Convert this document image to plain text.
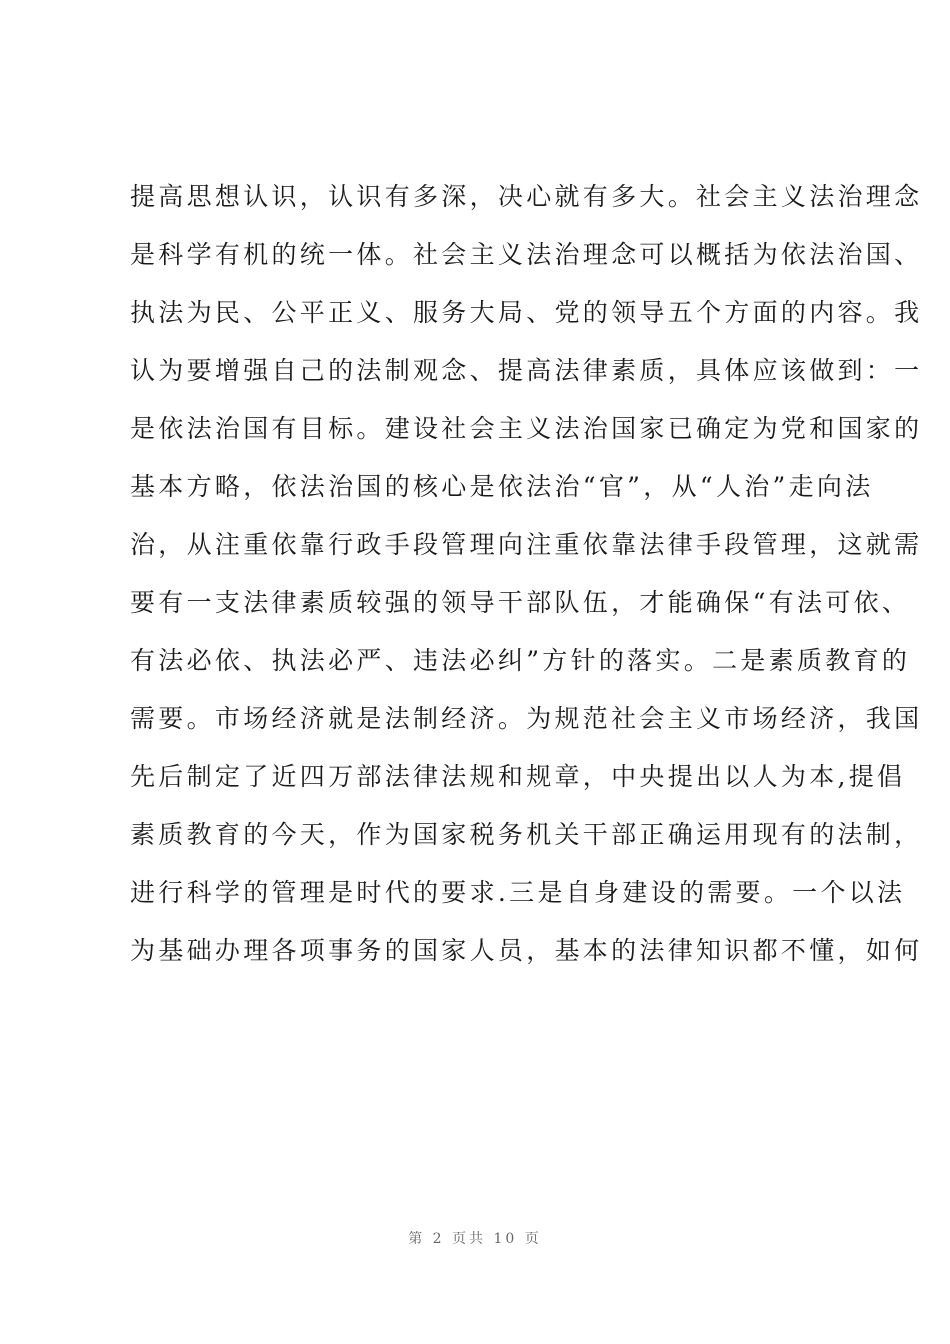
提高思想认识，认识有多深，决心就有多大。社会主义法治理念
是科学有机的统一体。社会主义法治理念可以概括为依法治国、
执法为民、公平正义、服务大局、党的领导五个方面的内容。我
认为要增强自己的法制观念、提高法律素质，具体应该做到：一
是依法治国有目标。建设社会主义法治国家已确定为党和国家的
基本方略，依法治国的核心是依法治“官”，从“人治”走向法
治，从注重依靠行政手段管理向注重依靠法律手段管理，这就需
要有一支法律素质较强的领导干部队伍，才能确保“有法可依、
有法必依、执法必严、违法必纠”方针的落实。二是素质教育的
需要。市场经济就是法制经济。为规范社会主义市场经济，我国
先后制定了近四万部法律法规和规章，中央提出以人为本,提倡
素质教育的今天，作为国家税务机关干部正确运用现有的法制，
进行科学的管理是时代的要求.三是自身建设的需要。一个以法
为基础办理各项事务的国家人员，基本的法律知识都不懂，如何
第 2 页共 10 页
